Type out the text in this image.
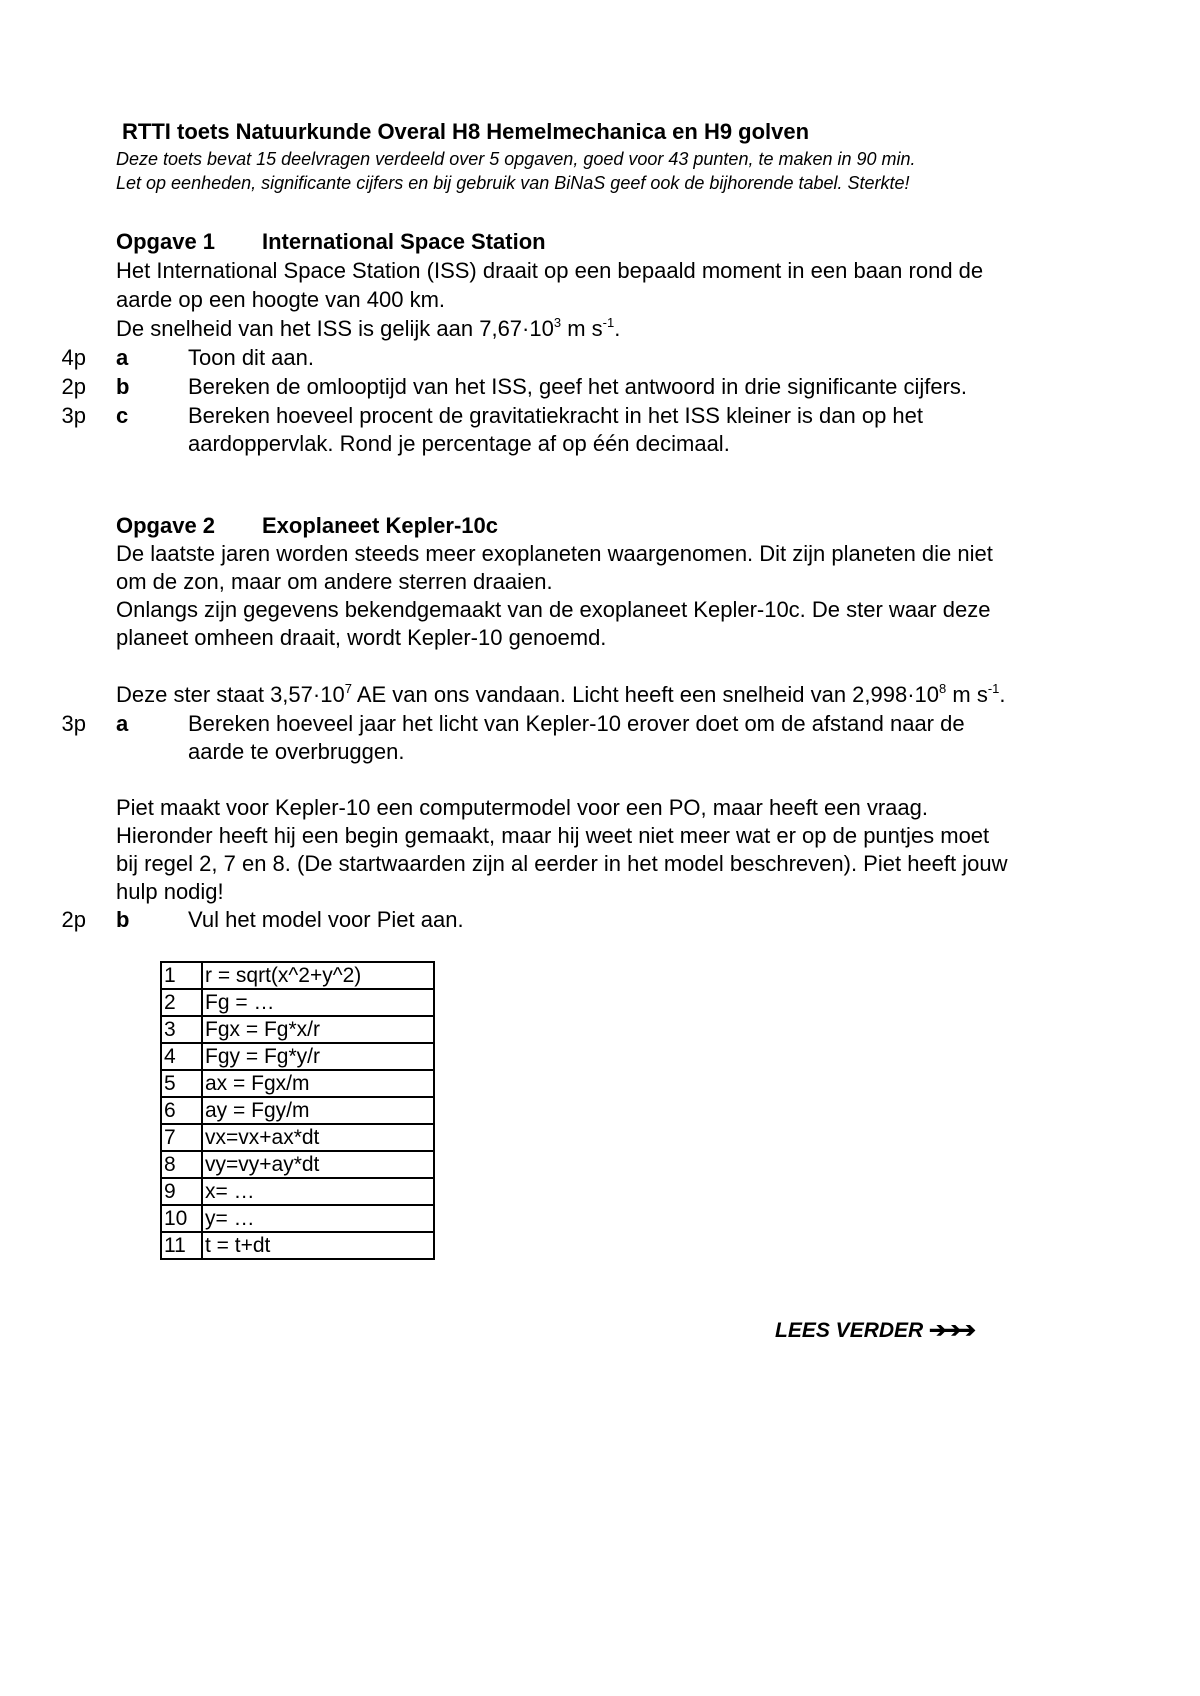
RTTI toets Natuurkunde Overal H8 Hemelmechanica en H9 golven
Deze toets bevat 15 deelvragen verdeeld over 5 opgaven, goed voor 43 punten, te maken in 90 min.
Let op eenheden, significante cijfers en bij gebruik van BiNaS geef ook de bijhorende tabel. Sterkte!
Opgave 1 International Space Station
Het International Space Station (ISS) draait op een bepaald moment in een baan rond de
aarde op een hoogte van 400 km.
De snelheid van het ISS is gelijk aan $7,67\cdot 10^3$ m $s^{-1}$.
4p a	Toon dit aan.
2p b	Bereken de omlooptijd van het ISS, geef het antwoord in drie significante cijfers.
3p c	Bereken hoeveel procent de gravitatiekracht in het ISS kleiner is dan op het
aardoppervlak. Rond je percentage af op één decimaal.
Opgave 2 Exoplaneet Kepler-10c
De laatste jaren worden steeds meer exoplaneten waargenomen. Dit zijn planeten die niet
om de zon, maar om andere sterren draaien.
Onlangs zijn gegevens bekendgemaakt van de exoplaneet Kepler-10c. De ster waar deze
planeet omheen draait, wordt Kepler-10 genoemd.
Deze ster staat $3,57\cdot 10^7$ AE van ons vandaan. Licht heeft een snelheid van $2,998\cdot 10^8$ m $s^{-1}$.
3p a	Bereken hoeveel jaar het licht van Kepler-10 erover doet om de afstand naar de
aarde te overbruggen.
Piet maakt voor Kepler-10 een computermodel voor een PO, maar heeft een vraag.
Hieronder heeft hij een begin gemaakt, maar hij weet niet meer wat er op de puntjes moet
bij regel 2, 7 en 8. (De startwaarden zijn al eerder in het model beschreven). Piet heeft jouw
hulp nodig!
2p b	Vul het model voor Piet aan.
1	r = sqrt(x^2+y^2)
2	Fg = …
3	Fgx = Fg*x/r
4	Fgy = Fg*y/r
5	ax = Fgx/m
6	ay = Fgy/m
7	vx=vx+ax*dt
8	vy=vy+ay*dt
9	x= …
10	y= …
11	t = t+dt
LEES VERDER ➔➔➔
